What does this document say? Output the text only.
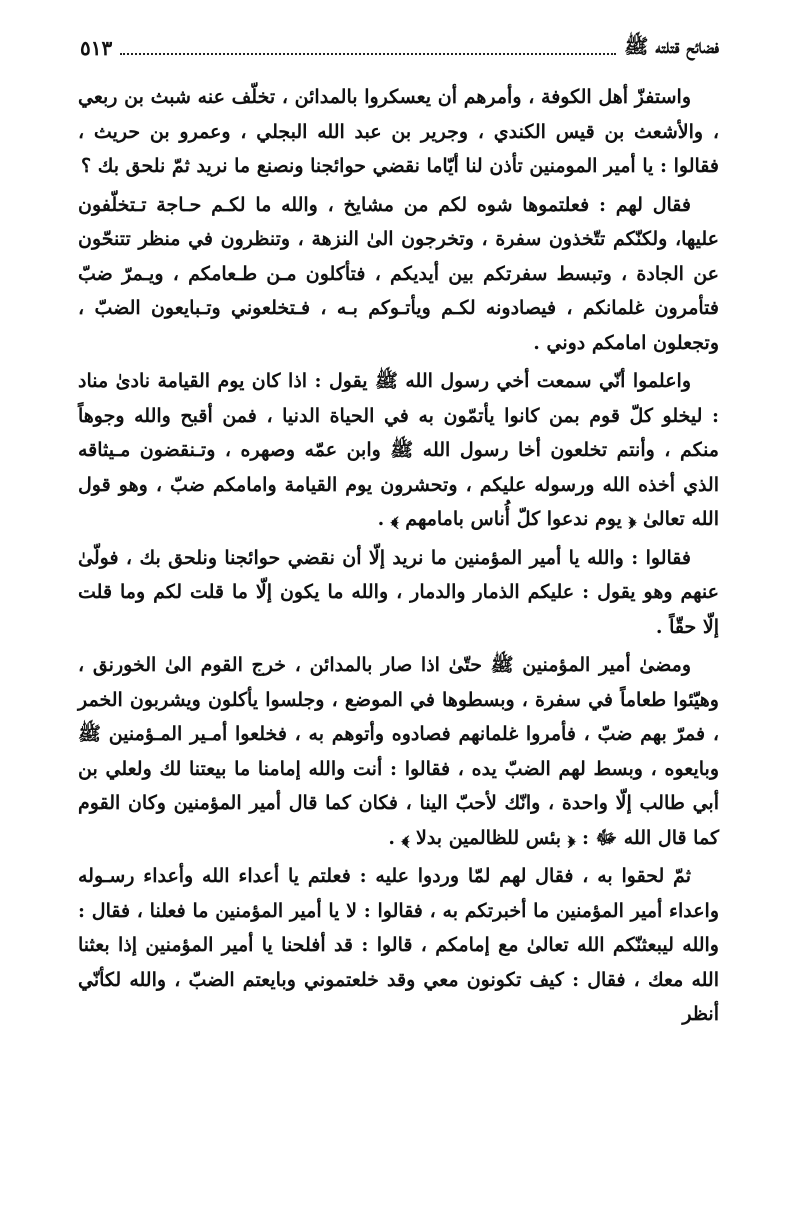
فضائح قتلته ﷺ
٥١٣

واستفزّ أهل الكوفة ، وأمرهم أن يعسكروا بالمدائن ، تخلّف عنه شبث بن ربعي ، والأشعث بن قيس الكندي ، وجرير بن عبد الله البجلي ، وعمرو بن حريث ، فقالوا : يا أمير المومنين تأذن لنا أيّاما نقضي حوائجنا ونصنع ما نريد ثمّ نلحق بك ؟

فقال لهم : فعلتموها شوه لكم من مشايخ ، والله ما لكـم حـاجة تـتخلّفون عليها، ولكنّكم تتّخذون سفرة ، وتخرجون الىٰ النزهة ، وتنظرون في منظر تتنحّون عن الجادة ، وتبسط سفرتكم بين أيديكم ، فتأكلون مـن طـعامكم ، ويـمرّ ضبّ فتأمرون غلمانكم ، فيصادونه لكـم ويأتـوكم بـه ، فـتخلعوني وتـبايعون الضبّ ، وتجعلون امامكم دوني .

واعلموا أنّي سمعت أخي رسول الله ﷺ يقول : اذا كان يوم القيامة نادىٰ مناد : ليخلو كلّ قوم بمن كانوا يأتمّون به في الحياة الدنيا ، فمن أقبح والله وجوهاً منكم ، وأنتم تخلعون أخا رسول الله ﷺ وابن عمّه وصهره ، وتـنقضون مـيثاقه الذي أخذه الله ورسوله عليكم ، وتحشرون يوم القيامة وامامكم ضبّ ، وهو قول الله تعالىٰ ﴿ يوم ندعوا كلّ أُناس بامامهم ﴾ .

فقالوا : والله يا أمير المؤمنين ما نريد إلّا أن نقضي حوائجنا ونلحق بك ، فولّىٰ عنهم وهو يقول : عليكم الذمار والدمار ، والله ما يكون إلّا ما قلت لكم وما قلت إلّا حقّاً .

ومضىٰ أمير المؤمنين ﷺ حتّىٰ اذا صار بالمدائن ، خرج القوم الىٰ الخورنق ، وهيّئوا طعاماً في سفرة ، وبسطوها في الموضع ، وجلسوا يأكلون ويشربون الخمر ، فمرّ بهم ضبّ ، فأمروا غلمانهم فصادوه وأتوهم به ، فخلعوا أمـير المـؤمنين ﷺ وبايعوه ، وبسط لهم الضبّ يده ، فقالوا : أنت والله إمامنا ما بيعتنا لك ولعلي بن أبي طالب إلّا واحدة ، وانّك لأحبّ الينا ، فكان كما قال أمير المؤمنين وكان القوم كما قال الله ﷻ : ﴿ بئس للظالمين بدلا ﴾ .

ثمّ لحقوا به ، فقال لهم لمّا وردوا عليه : فعلتم يا أعداء الله وأعداء رسـوله واعداء أمير المؤمنين ما أخبرتكم به ، فقالوا : لا يا أمير المؤمنين ما فعلنا ، فقال : والله ليبعثنّكم الله تعالىٰ مع إمامكم ، قالوا : قد أفلحنا يا أمير المؤمنين إذا بعثنا الله معك ، فقال : كيف تكونون معي وقد خلعتموني وبايعتم الضبّ ، والله لكأنّي أنظر
